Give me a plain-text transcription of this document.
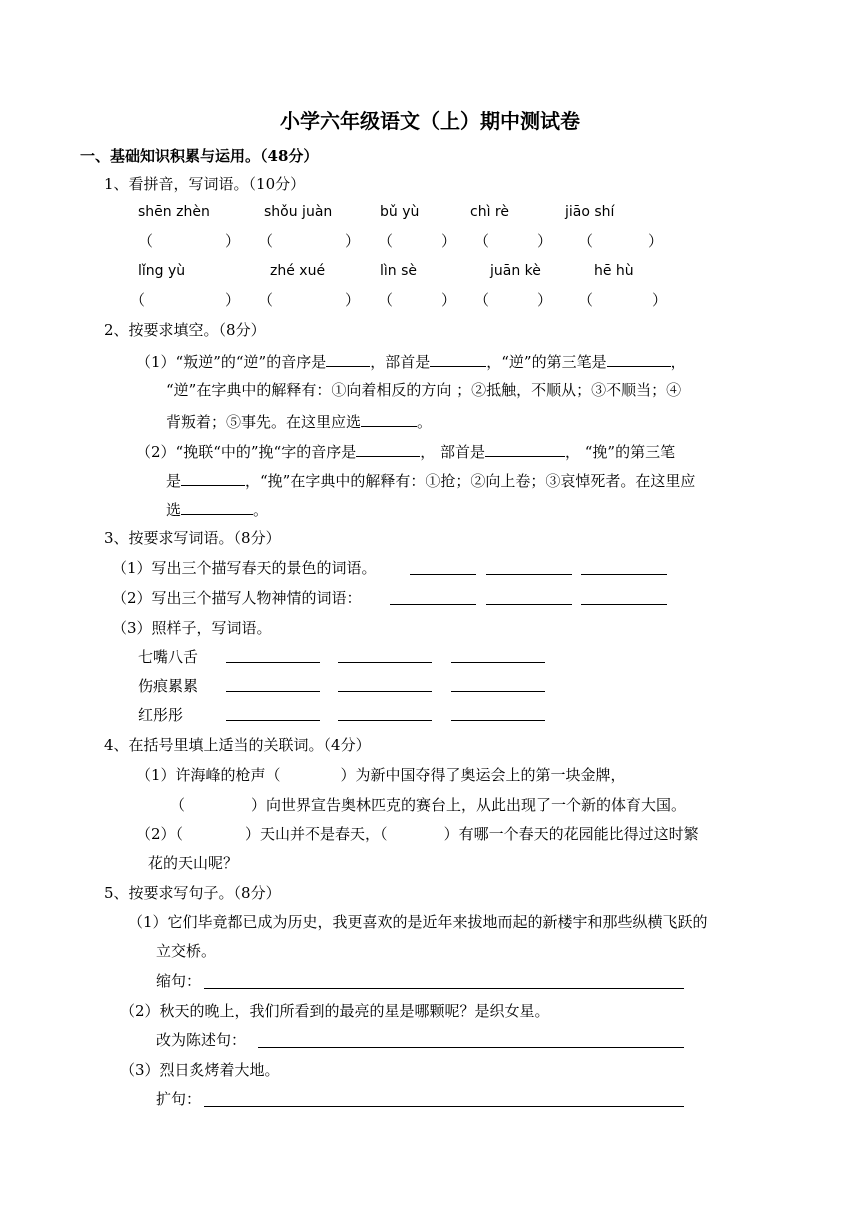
小学六年级语文（上）期中测试卷
一、基础知识积累与运用。（48分）
1、看拼音，写词语。（10分）
shēn zhèn	shǒu juàn	bǔ yù	chì rè	jiāo shí
（	） （	） （	） （	） （	）
lǐng yù	zhé xué	lìn sè	juān kè	hē hù
（	） （	） （	） （	） （	）
2、按要求填空。（8分）
（1）“叛逆”的“逆”的音序是	，部首是	，“逆”的第三笔是	，
“逆”在字典中的解释有：①向着相反的方向 ；②抵触，不顺从；③不顺当；④
背叛着；⑤事先。在这里应选	。
（2）“挽联“中的”挽“字的音序是	， 部首是	， “挽”的第三笔
是	，“挽”在字典中的解释有：①抢；②向上卷；③哀悼死者。在这里应
选	。
3、按要求写词语。（8分）
（1）写出三个描写春天的景色的词语。
（2）写出三个描写人物神情的词语：
（3）照样子，写词语。
七嘴八舌
伤痕累累
红彤彤
4、在括号里填上适当的关联词。（4分）
（1）许海峰的枪声（	）为新中国夺得了奥运会上的第一块金牌，
（	）向世界宣告奥林匹克的赛台上，从此出现了一个新的体育大国。
（2）（	）天山并不是春天，（	）有哪一个春天的花园能比得过这时繁
花的天山呢？
5、按要求写句子。（8分）
（1）它们毕竟都已成为历史，我更喜欢的是近年来拔地而起的新楼宇和那些纵横飞跃的
立交桥。
缩句：
（2）秋天的晚上，我们所看到的最亮的星是哪颗呢？是织女星。
改为陈述句：
（3）烈日炙烤着大地。
扩句：
